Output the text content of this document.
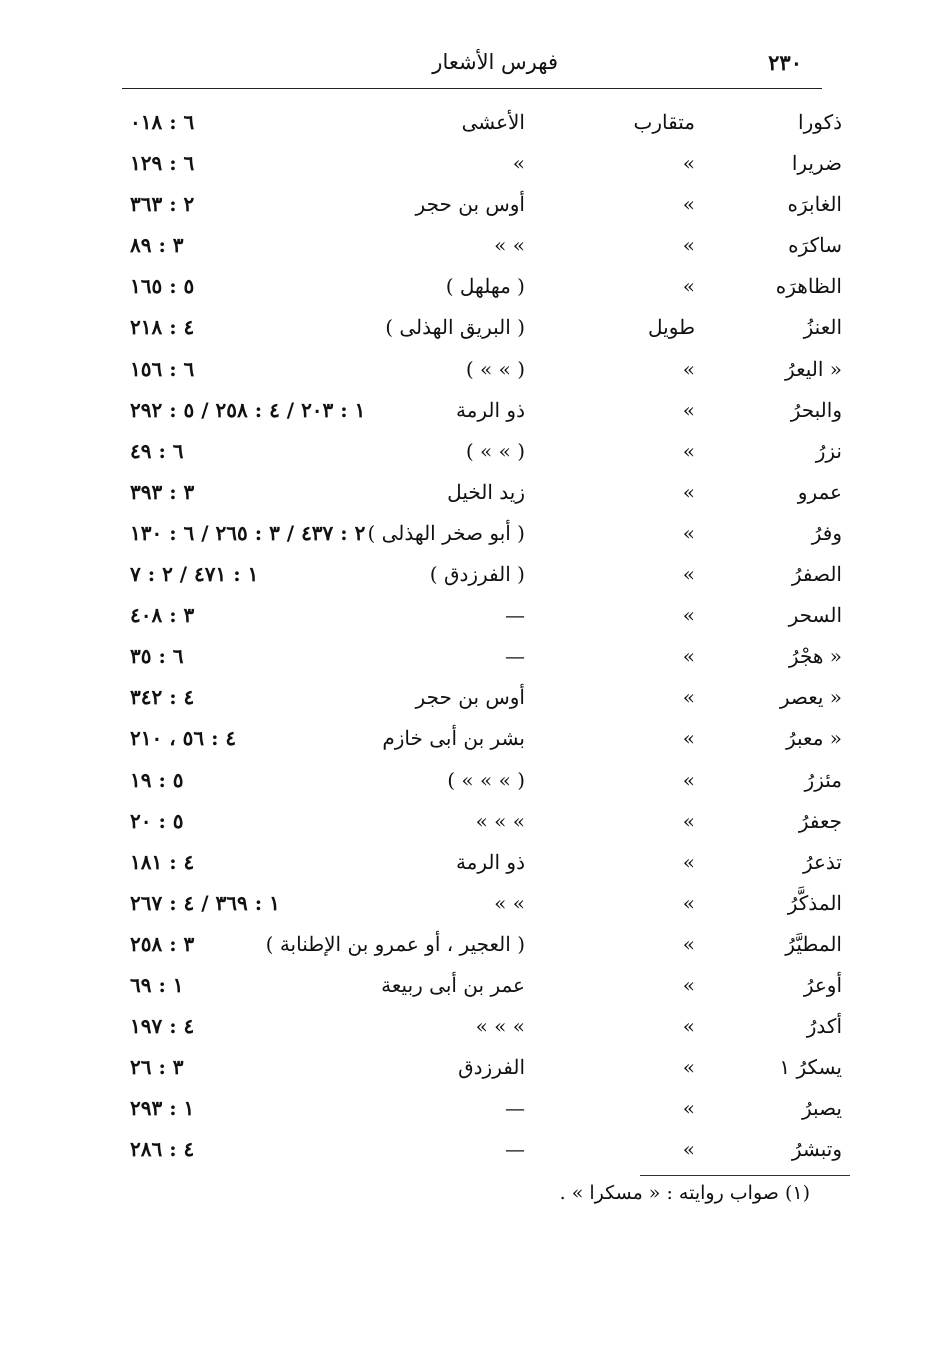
٢٣٠
فهرس الأشعار
ذكورا
متقارب
الأعشى
٦ : ٠١٨
ضريرا
»
»
٦ : ١٢٩
الغابرَه
»
أوس بن حجر
٢ : ٣٦٣
ساكرَه
»
» »
٣ : ٨٩
الظاهرَه
»
( مهلهل )
٥ : ١٦٥
العنزُ
طويل
( البريق الهذلى )
٤ : ٢١٨
« اليعرُ
»
( » » )
٦ : ١٥٦
والبحرُ
»
ذو الرمة
١ : ٢٠٣ / ٤ : ٢٥٨ / ٥ : ٢٩٢
نزرُ
»
( » » )
٦ : ٤٩
عمرو
»
زيد الخيل
٣ : ٣٩٣
وفرُ
»
( أبو صخر الهذلى )
٢ : ٤٣٧ / ٣ : ٢٦٥ / ٦ : ١٣٠
الصفرُ
»
( الفرزدق )
١ : ٤٧١ / ٢ : ٧
السحر
»
—
٣ : ٤٠٨
« هجْرُ
»
—
٦ : ٣٥
« يعصر
»
أوس بن حجر
٤ : ٣٤٢
« معبرُ
»
بشر بن أبى خازم
٤ : ٥٦ ، ٢١٠
مئزرُ
»
( » » » )
٥ : ١٩
جعفرُ
»
» » »
٥ : ٢٠
تذعرُ
»
ذو الرمة
٤ : ١٨١
المذكَّرُ
»
» »
١ : ٣٦٩ / ٤ : ٢٦٧
المطيَّرُ
»
( العجير ، أو عمرو بن الإطنابة )
٣ : ٢٥٨
أوعرُ
»
عمر بن أبى ربيعة
١ : ٦٩
أكدرُ
»
» » »
٤ : ١٩٧
يسكرُ ١
»
الفرزدق
٣ : ٢٦
يصبرُ
»
—
١ : ٢٩٣
وتبشرُ
»
—
٤ : ٢٨٦
(١) صواب روايته : « مسكرا » .
